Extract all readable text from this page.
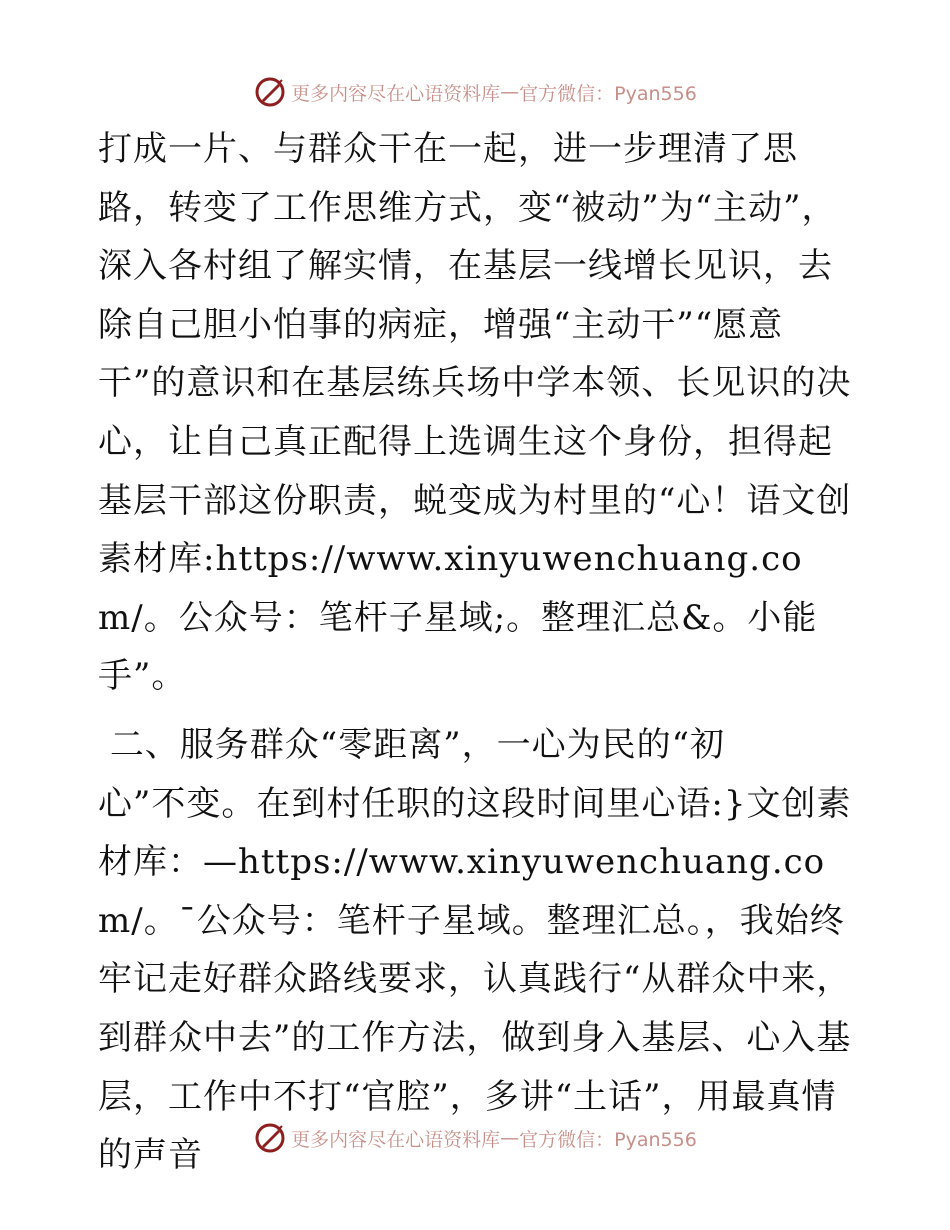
更多内容尽在心语资料库 — 官方微信：Pyan556

打成一片、与群众干在一起，进一步理清了思路，转变了工作思维方式，变“被动”为“主动”，深入各村组了解实情，在基层一线增长见识，去除自己胆小怕事的病症，增强“主动干”“愿意干”的意识和在基层练兵场中学本领、长见识的决心，让自己真正配得上选调生这个身份，担得起基层干部这份职责，蜕变成为村里的“心！语文创素材库:https://www.xinyuwenchuang.com/。公众号：笔杆子星域;。整理汇总&。小能手”。

二、服务群众“零距离”，一心为民的“初

心”不变。在到村任职的这段时间里心语:}文创素材库：—https://www.xinyuwenchuang.com/。¯公众号：笔杆子星域。整理汇总。，我始终牢记走好群众路线要求，认真践行“从群众中来，到群众中去”的工作方法，做到身入基层、心入基层，工作中不打“官腔”，多讲“土话”，用最真情的声音	更多内容尽在心语资料库 — 官方微信：Pyan556
